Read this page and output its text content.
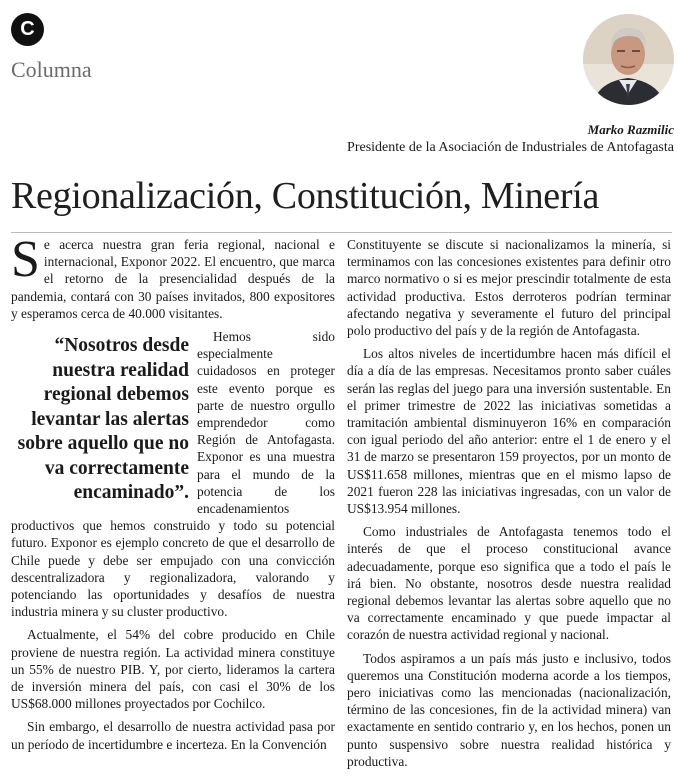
C
Columna
Marko Razmilic
Presidente de la Asociación de Industriales de Antofagasta
Regionalización, Constitución, Minería

Se acerca nuestra gran feria regional, nacional e internacional, Exponor 2022. El encuentro, que marca el retorno de la presencialidad después de la pandemia, contará con 30 países invitados, 800 expositores y esperamos cerca de 40.000 visitantes.

“Nosotros desde nuestra realidad regional debemos levantar las alertas sobre aquello que no va correctamente encaminado”.

Hemos sido especialmente cuidadosos en proteger este evento porque es parte de nuestro orgullo emprendedor como Región de Antofagasta. Exponor es una muestra para el mundo de la potencia de los encadenamientos productivos que hemos construido y todo su potencial futuro. Exponor es ejemplo concreto de que el desarrollo de Chile puede y debe ser empujado con una convicción descentralizadora y regionalizadora, valorando y potenciando las oportunidades y desafíos de nuestra industria minera y su cluster productivo.

Actualmente, el 54% del cobre producido en Chile proviene de nuestra región. La actividad minera constituye un 55% de nuestro PIB. Y, por cierto, lideramos la cartera de inversión minera del país, con casi el 30% de los US$68.000 millones proyectados por Cochilco.

Sin embargo, el desarrollo de nuestra actividad pasa por un período de incertidumbre e incerteza. En la Convención

Constituyente se discute si nacionalizamos la minería, si terminamos con las concesiones existentes para definir otro marco normativo o si es mejor prescindir totalmente de esta actividad productiva. Estos derroteros podrían terminar afectando negativa y severamente el futuro del principal polo productivo del país y de la región de Antofagasta.

Los altos niveles de incertidumbre hacen más difícil el día a día de las empresas. Necesitamos pronto saber cuáles serán las reglas del juego para una inversión sustentable. En el primer trimestre de 2022 las iniciativas sometidas a tramitación ambiental disminuyeron 16% en comparación con igual periodo del año anterior: entre el 1 de enero y el 31 de marzo se presentaron 159 proyectos, por un monto de US$11.658 millones, mientras que en el mismo lapso de 2021 fueron 228 las iniciativas ingresadas, con un valor de US$13.954 millones.

Como industriales de Antofagasta tenemos todo el interés de que el proceso constitucional avance adecuadamente, porque eso significa que a todo el país le irá bien. No obstante, nosotros desde nuestra realidad regional debemos levantar las alertas sobre aquello que no va correctamente encaminado y que puede impactar al corazón de nuestra actividad regional y nacional.

Todos aspiramos a un país más justo e inclusivo, todos queremos una Constitución moderna acorde a los tiempos, pero iniciativas como las mencionadas (nacionalización, término de las concesiones, fin de la actividad minera) van exactamente en sentido contrario y, en los hechos, ponen un punto suspensivo sobre nuestra realidad histórica y productiva.
